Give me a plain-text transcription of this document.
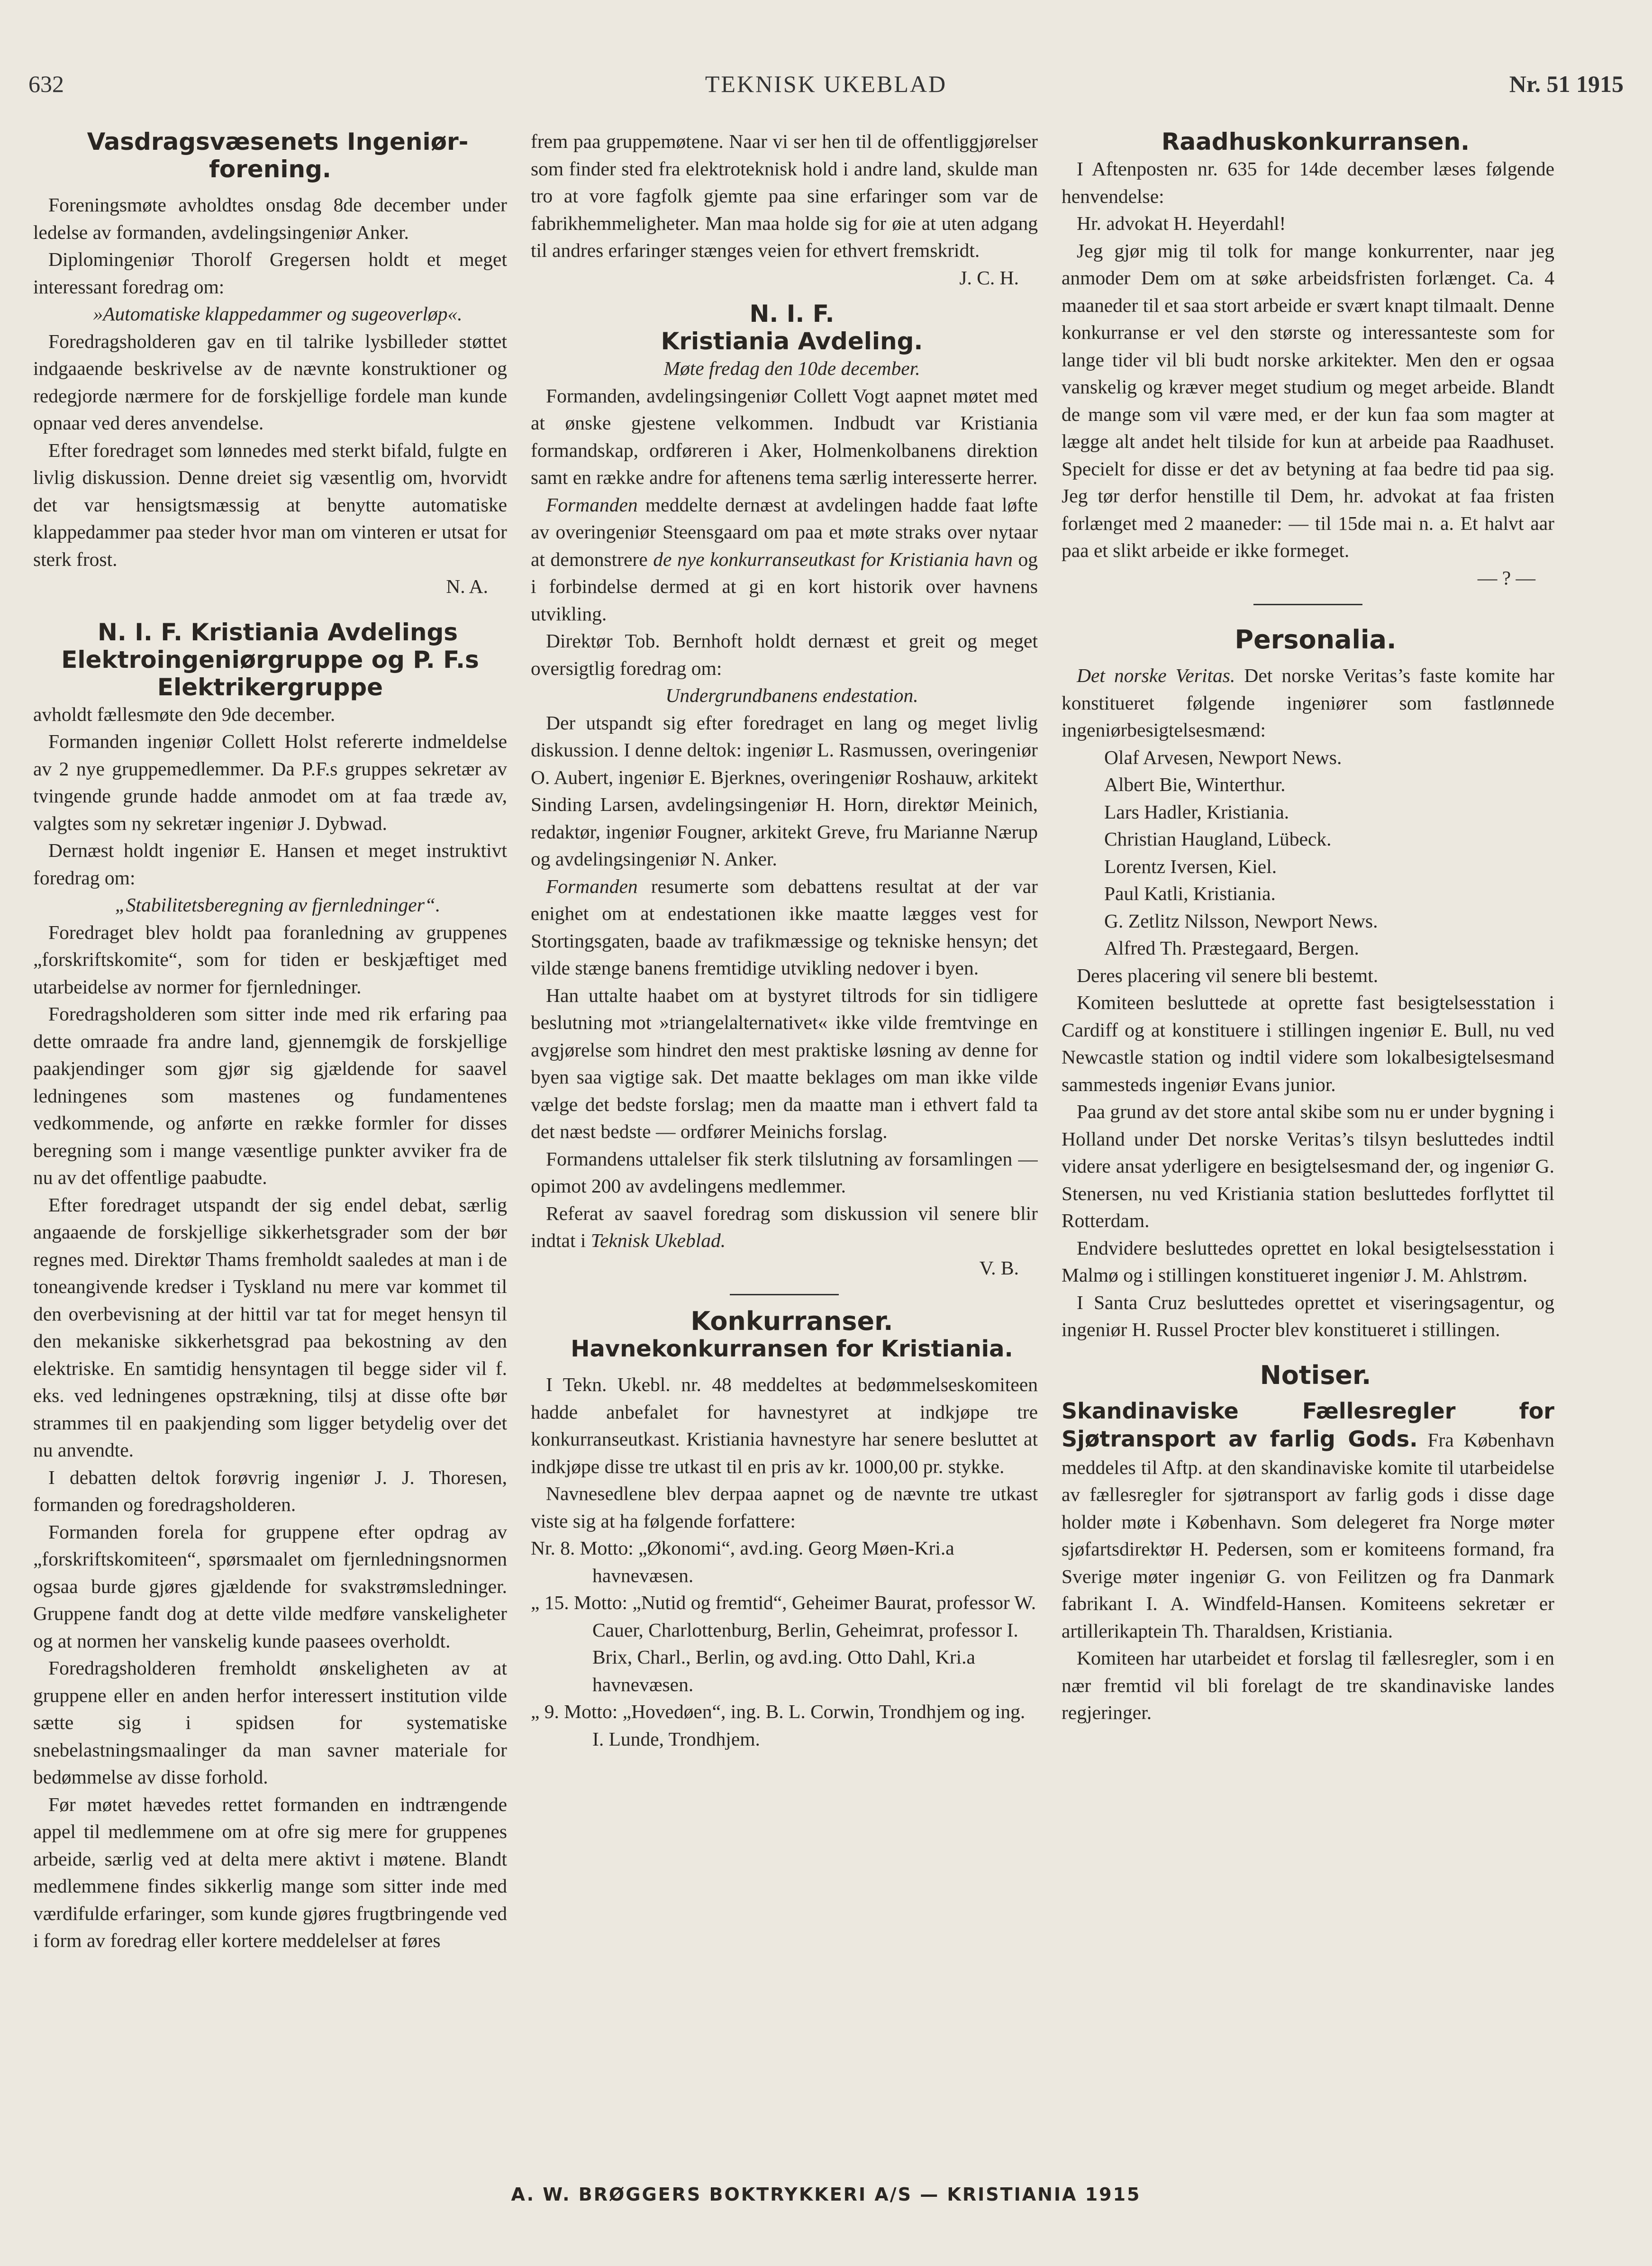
632	TEKNISK UKEBLAD	Nr. 51 1915

Vasdragsvæsenets Ingeniør-forening.

Foreningsmøte avholdtes onsdag 8de december under ledelse av formanden, avdelingsingeniør Anker.

Diplomingeniør Thorolf Gregersen holdt et meget interessant foredrag om:

»Automatiske klappedammer og sugeoverløp«.

Foredragsholderen gav en til talrike lysbilleder støttet indgaaende beskrivelse av de nævnte konstruktioner og redegjorde nærmere for de forskjellige fordele man kunde opnaar ved deres anvendelse.

Efter foredraget som lønnedes med sterkt bifald, fulgte en livlig diskussion. Denne dreiet sig væsentlig om, hvorvidt det var hensigtsmæssig at benytte automatiske klappedammer paa steder hvor man om vinteren er utsat for sterk frost.

N. A.

N. I. F. Kristiania Avdelings Elektroingeniørgruppe og P. F.s Elektrikergruppe

avholdt fællesmøte den 9de december.

Formanden ingeniør Collett Holst refererte indmeldelse av 2 nye gruppemedlemmer. Da P.F.s gruppes sekretær av tvingende grunde hadde anmodet om at faa træde av, valgtes som ny sekretær ingeniør J. Dybwad.

Dernæst holdt ingeniør E. Hansen et meget instruktivt foredrag om:

„Stabilitetsberegning av fjernledninger“.

Foredraget blev holdt paa foranledning av gruppenes „forskriftskomite“, som for tiden er beskjæftiget med utarbeidelse av normer for fjernledninger.

Foredragsholderen som sitter inde med rik erfaring paa dette omraade fra andre land, gjennemgik de forskjellige paakjendinger som gjør sig gjældende for saavel ledningenes som mastenes og fundamentenes vedkommende, og anførte en række formler for disses beregning som i mange væsentlige punkter avviker fra de nu av det offentlige paabudte.

Efter foredraget utspandt der sig endel debat, særlig angaaende de forskjellige sikkerhetsgrader som der bør regnes med. Direktør Thams fremholdt saaledes at man i de toneangivende kredser i Tyskland nu mere var kommet til den overbevisning at der hittil var tat for meget hensyn til den mekaniske sikkerhetsgrad paa bekostning av den elektriske. En samtidig hensyntagen til begge sider vil f. eks. ved ledningenes opstrækning, tilsj at disse ofte bør strammes til en paakjending som ligger betydelig over det nu anvendte.

I debatten deltok forøvrig ingeniør J. J. Thoresen, formanden og foredragsholderen.

Formanden forela for gruppene efter opdrag av „forskriftskomiteen“, spørsmaalet om fjernledningsnormen ogsaa burde gjøres gjældende for svakstrømsledninger. Gruppene fandt dog at dette vilde medføre vanskeligheter og at normen her vanskelig kunde paasees overholdt.

Foredragsholderen fremholdt ønskeligheten av at gruppene eller en anden herfor interessert institution vilde sætte sig i spidsen for systematiske snebelastningsmaalinger da man savner materiale for bedømmelse av disse forhold.

Før møtet hævedes rettet formanden en indtrængende appel til medlemmene om at ofre sig mere for gruppenes arbeide, særlig ved at delta mere aktivt i møtene. Blandt medlemmene findes sikkerlig mange som sitter inde med værdifulde erfaringer, som kunde gjøres frugtbringende ved i form av foredrag eller kortere meddelelser at føres

frem paa gruppemøtene. Naar vi ser hen til de offentliggjørelser som finder sted fra elektroteknisk hold i andre land, skulde man tro at vore fagfolk gjemte paa sine erfaringer som var de fabrikhemmeligheter. Man maa holde sig for øie at uten adgang til andres erfaringer stænges veien for ethvert fremskridt.

J. C. H.

N. I. F.

Kristiania Avdeling.

Møte fredag den 10de december.

Formanden, avdelingsingeniør Collett Vogt aapnet møtet med at ønske gjestene velkommen. Indbudt var Kristiania formandskap, ordføreren i Aker, Holmenkolbanens direktion samt en række andre for aftenens tema særlig interesserte herrer.

Formanden meddelte dernæst at avdelingen hadde faat løfte av overingeniør Steensgaard om paa et møte straks over nytaar at demonstrere de nye konkurranseutkast for Kristiania havn og i forbindelse dermed at gi en kort historik over havnens utvikling.

Direktør Tob. Bernhoft holdt dernæst et greit og meget oversigtlig foredrag om:

Undergrundbanens endestation.

Der utspandt sig efter foredraget en lang og meget livlig diskussion. I denne deltok: ingeniør L. Rasmussen, overingeniør O. Aubert, ingeniør E. Bjerknes, overingeniør Roshauw, arkitekt Sinding Larsen, avdelingsingeniør H. Horn, direktør Meinich, redaktør, ingeniør Fougner, arkitekt Greve, fru Marianne Nærup og avdelingsingeniør N. Anker.

Formanden resumerte som debattens resultat at der var enighet om at endestationen ikke maatte lægges vest for Stortingsgaten, baade av trafikmæssige og tekniske hensyn; det vilde stænge banens fremtidige utvikling nedover i byen.

Han uttalte haabet om at bystyret tiltrods for sin tidligere beslutning mot »triangelalternativet« ikke vilde fremtvinge en avgjørelse som hindret den mest praktiske løsning av denne for byen saa vigtige sak. Det maatte beklages om man ikke vilde vælge det bedste forslag; men da maatte man i ethvert fald ta det næst bedste — ordfører Meinichs forslag.

Formandens uttalelser fik sterk tilslutning av forsamlingen — opimot 200 av avdelingens medlemmer.

Referat av saavel foredrag som diskussion vil senere blir indtat i Teknisk Ukeblad.

V. B.

Konkurranser.

Havnekonkurransen for Kristiania.

I Tekn. Ukebl. nr. 48 meddeltes at bedømmelseskomiteen hadde anbefalet for havnestyret at indkjøpe tre konkurranseutkast. Kristiania havnestyre har senere besluttet at indkjøpe disse tre utkast til en pris av kr. 1000,00 pr. stykke.

Navnesedlene blev derpaa aapnet og de nævnte tre utkast viste sig at ha følgende forfattere:

Nr. 8. Motto: „Økonomi“, avd.ing. Georg Møen-Kri.a havnevæsen.

„ 15. Motto: „Nutid og fremtid“, Geheimer Baurat, professor W. Cauer, Charlottenburg, Berlin, Geheimrat, professor I. Brix, Charl., Berlin, og avd.ing. Otto Dahl, Kri.a havnevæsen.

„ 9. Motto: „Hovedøen“, ing. B. L. Corwin, Trondhjem og ing. I. Lunde, Trondhjem.

Raadhuskonkurransen.

I Aftenposten nr. 635 for 14de december læses følgende henvendelse:

Hr. advokat H. Heyerdahl!

Jeg gjør mig til tolk for mange konkurrenter, naar jeg anmoder Dem om at søke arbeidsfristen forlænget. Ca. 4 maaneder til et saa stort arbeide er svært knapt tilmaalt. Denne konkurranse er vel den største og interessanteste som for lange tider vil bli budt norske arkitekter. Men den er ogsaa vanskelig og kræver meget studium og meget arbeide. Blandt de mange som vil være med, er der kun faa som magter at lægge alt andet helt tilside for kun at arbeide paa Raadhuset. Specielt for disse er det av betyning at faa bedre tid paa sig. Jeg tør derfor henstille til Dem, hr. advokat at faa fristen forlænget med 2 maaneder: — til 15de mai n. a. Et halvt aar paa et slikt arbeide er ikke formeget.

— ? —

Personalia.

Det norske Veritas. Det norske Veritas’s faste komite har konstitueret følgende ingeniører som fastlønnede ingeniørbesigtelsesmænd:

Olaf Arvesen, Newport News.
Albert Bie, Winterthur.
Lars Hadler, Kristiania.
Christian Haugland, Lübeck.
Lorentz Iversen, Kiel.
Paul Katli, Kristiania.
G. Zetlitz Nilsson, Newport News.
Alfred Th. Præstegaard, Bergen.

Deres placering vil senere bli bestemt.

Komiteen besluttede at oprette fast besigtelsesstation i Cardiff og at konstituere i stillingen ingeniør E. Bull, nu ved Newcastle station og indtil videre som lokalbesigtelsesmand sammesteds ingeniør Evans junior.

Paa grund av det store antal skibe som nu er under bygning i Holland under Det norske Veritas’s tilsyn besluttedes indtil videre ansat yderligere en besigtelsesmand der, og ingeniør G. Stenersen, nu ved Kristiania station besluttedes forflyttet til Rotterdam.

Endvidere besluttedes oprettet en lokal besigtelsesstation i Malmø og i stillingen konstitueret ingeniør J. M. Ahlstrøm.

I Santa Cruz besluttedes oprettet et viseringsagentur, og ingeniør H. Russel Procter blev konstitueret i stillingen.

Notiser.

Skandinaviske Fællesregler for Sjøtransport av farlig Gods. Fra København meddeles til Aftp. at den skandinaviske komite til utarbeidelse av fællesregler for sjøtransport av farlig gods i disse dage holder møte i København. Som delegeret fra Norge møter sjøfartsdirektør H. Pedersen, som er komiteens formand, fra Sverige møter ingeniør G. von Feilitzen og fra Danmark fabrikant I. A. Windfeld-Hansen. Komiteens sekretær er artillerikaptein Th. Tharaldsen, Kristiania.

Komiteen har utarbeidet et forslag til fællesregler, som i en nær fremtid vil bli forelagt de tre skandinaviske landes regjeringer.

A. W. BRØGGERS BOKTRYKKERI A/S — KRISTIANIA 1915
